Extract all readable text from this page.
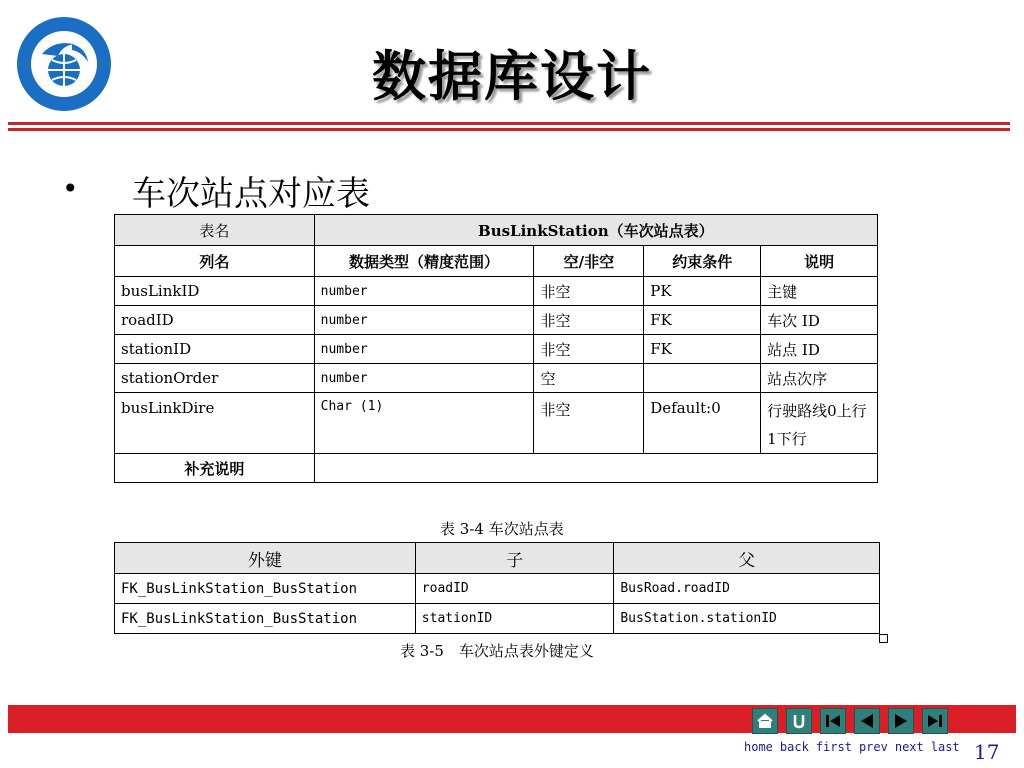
数据库设计
• 车次站点对应表
表名	BusLinkStation（车次站点表）			
列名	数据类型（精度范围）	空/非空	约束条件	说明
busLinkID	number	非空	PK	主键
roadID	number	非空	FK	车次 ID
stationID	number	非空	FK	站点 ID
stationOrder	number	空		站点次序
busLinkDire	Char (1)	非空	Default:0	行驶路线0上行1下行
补充说明				
表 3-4 车次站点表
外键	子	父
FK_BusLinkStation_BusStation	roadID	BusRoad.roadID
FK_BusLinkStation_BusStation	stationID	BusStation.stationID
表 3-5　车次站点表外键定义
home back first prev next last 17
